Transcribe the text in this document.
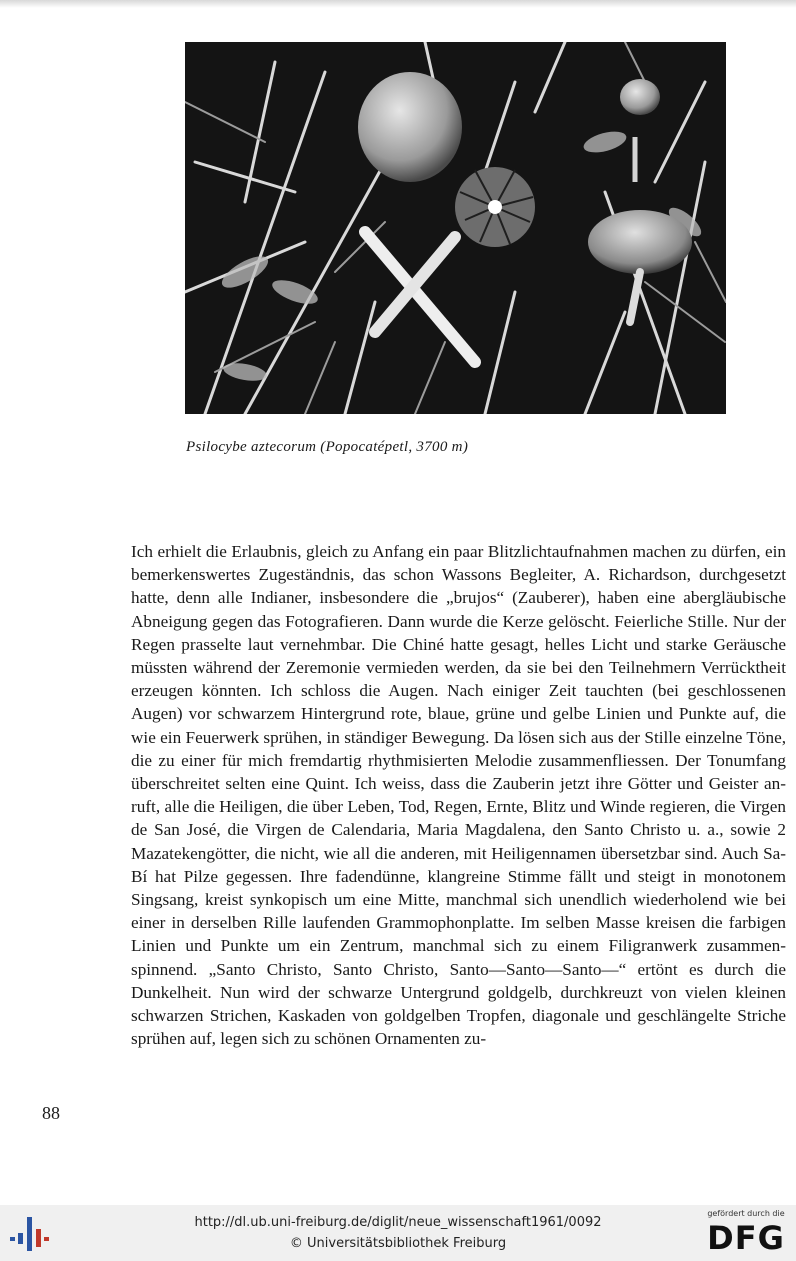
Psilocybe aztecorum (Popocatépetl, 3700 m)

Ich erhielt die Erlaubnis, gleich zu Anfang ein paar Blitzlichtaufnahmen machen zu dürfen, ein bemerkenswertes Zugeständnis, das schon Wassons Begleiter, A. Richardson, durchgesetzt hatte, denn alle Indianer, insbesondere die „brujos“ (Zauberer), haben eine abergläubische Abneigung gegen das Fotografieren. Dann wurde die Kerze gelöscht. Feierliche Stille. Nur der Regen prasselte laut vernehmbar. Die Chiné hatte gesagt, helles Licht und starke Geräusche müssten während der Zeremonie vermieden werden, da sie bei den Teilnehmern Verrücktheit erzeugen könnten. Ich schloss die Augen. Nach einiger Zeit tauchten (bei geschlossenen Augen) vor schwarzem Hintergrund rote, blaue, grüne und gelbe Linien und Punkte auf, die wie ein Feuerwerk sprühen, in ständiger Bewegung. Da lösen sich aus der Stille einzelne Töne, die zu einer für mich fremdartig rhythmisierten Melodie zusammenfliessen. Der Tonumfang überschreitet selten eine Quint. Ich weiss, dass die Zauberin jetzt ihre Götter und Geister anruft, alle die Heiligen, die über Leben, Tod, Regen, Ernte, Blitz und Winde regieren, die Virgen de San José, die Virgen de Calendaria, Maria Magdalena, den Santo Christo u. a., sowie 2 Mazatekengötter, die nicht, wie all die anderen, mit Heiligennamen übersetzbar sind. Auch Sa-Bí hat Pilze gegessen. Ihre fadendünne, klangreine Stimme fällt und steigt in monotonem Singsang, kreist synkopisch um eine Mitte, manchmal sich unendlich wiederholend wie bei einer in derselben Rille laufenden Grammophonplatte. Im selben Masse kreisen die farbigen Linien und Punkte um ein Zentrum, manchmal sich zu einem Filigranwerk zusammenspinnend. „Santo Christo, Santo Christo, Santo—Santo—Santo—“ ertönt es durch die Dunkelheit. Nun wird der schwarze Untergrund goldgelb, durchkreuzt von vielen kleinen schwarzen Strichen, Kaskaden von goldgelben Tropfen, diagonale und geschlängelte Striche sprühen auf, legen sich zu schönen Ornamenten zu-

88
http://dl.ub.uni-freiburg.de/diglit/neue_wissenschaft1961/0092
© Universitätsbibliothek Freiburg
gefördert durch die
DFG
